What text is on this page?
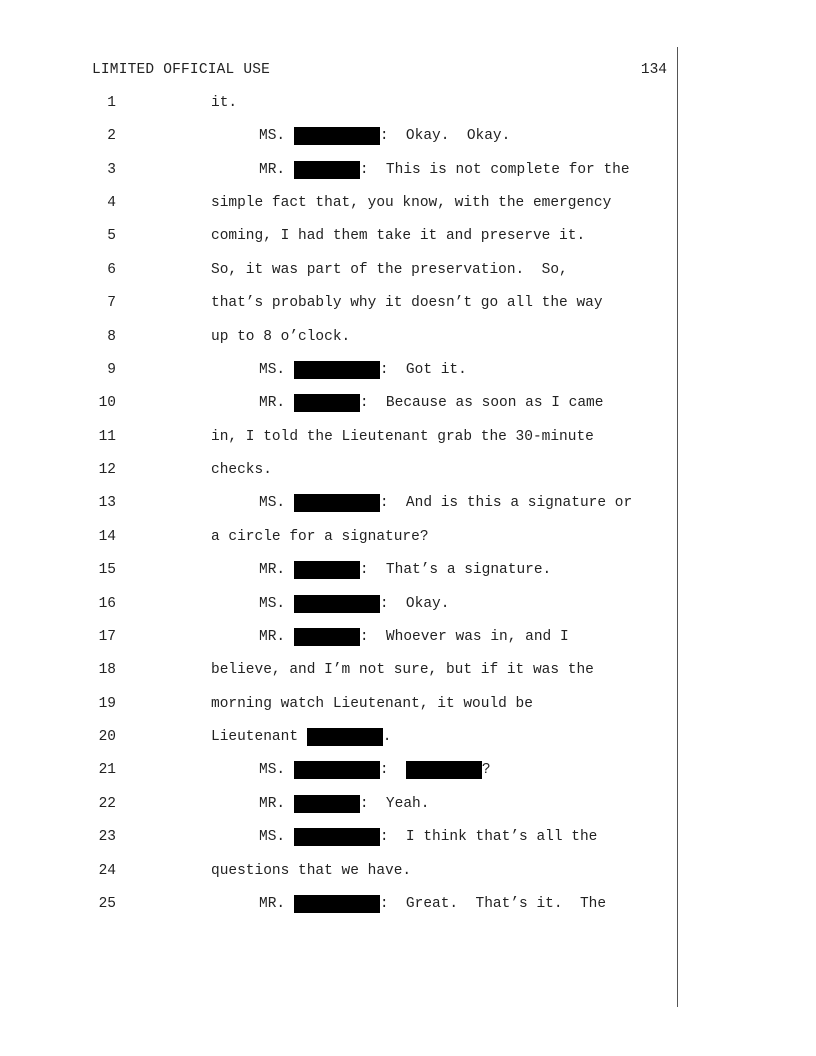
LIMITED OFFICIAL USE	134
1	it.
2	MS.	:  Okay.  Okay.
3	MR.	:  This is not complete for the
4	simple fact that, you know, with the emergency
5	coming, I had them take it and preserve it.
6	So, it was part of the preservation.  So,
7	that’s probably why it doesn’t go all the way
8	up to 8 o’clock.
9	MS.	:  Got it.
10	MR.	:  Because as soon as I came
11	in, I told the Lieutenant grab the 30-minute
12	checks.
13	MS.	:  And is this a signature or
14	a circle for a signature?
15	MR.	:  That’s a signature.
16	MS.	:  Okay.
17	MR.	:  Whoever was in, and I
18	believe, and I’m not sure, but if it was the
19	morning watch Lieutenant, it would be
20	Lieutenant	.
21	MS.	:	?
22	MR.	:  Yeah.
23	MS.	:  I think that’s all the
24	questions that we have.
25	MR.	:  Great.  That’s it.  The
